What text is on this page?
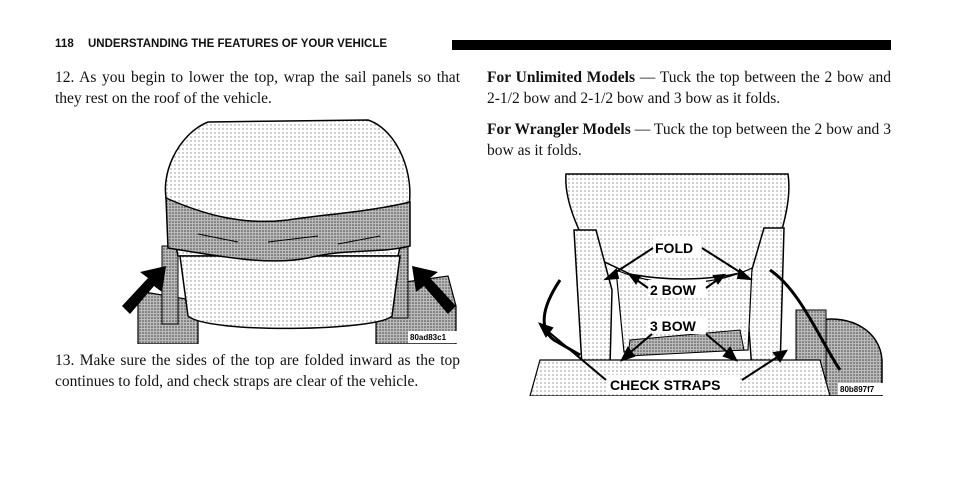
118 UNDERSTANDING THE FEATURES OF YOUR VEHICLE

12. As you begin to lower the top, wrap the sail panels so that they rest on the roof of the vehicle.

80ad83c1

13. Make sure the sides of the top are folded inward as the top continues to fold, and check straps are clear of the vehicle.

For Unlimited Models — Tuck the top between the 2 bow and 2-1/2 bow and 2-1/2 bow and 3 bow as it folds.

For Wrangler Models — Tuck the top between the 2 bow and 3 bow as it folds.

FOLD
2 BOW
3 BOW
CHECK STRAPS	80b897f7
